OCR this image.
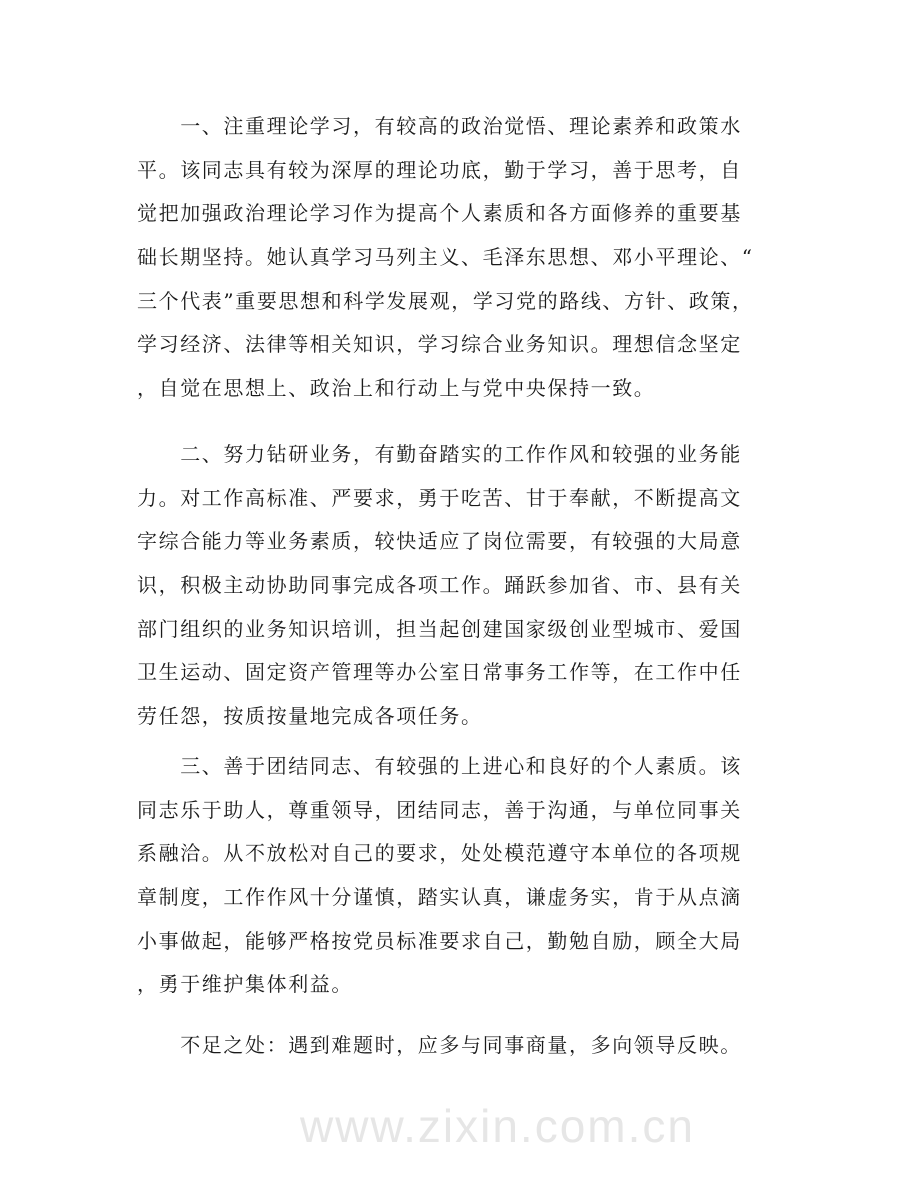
www.zixin.com.cn
　　一、注重理论学习，有较高的政治觉悟、理论素养和政策水
平。该同志具有较为深厚的理论功底，勤于学习，善于思考，自
觉把加强政治理论学习作为提高个人素质和各方面修养的重要基
础长期坚持。她认真学习马列主义、毛泽东思想、邓小平理论、“
三个代表”重要思想和科学发展观，学习党的路线、方针、政策，
学习经济、法律等相关知识，学习综合业务知识。理想信念坚定
，自觉在思想上、政治上和行动上与党中央保持一致。
　　二、努力钻研业务，有勤奋踏实的工作作风和较强的业务能
力。对工作高标准、严要求，勇于吃苦、甘于奉献，不断提高文
字综合能力等业务素质，较快适应了岗位需要，有较强的大局意
识，积极主动协助同事完成各项工作。踊跃参加省、市、县有关
部门组织的业务知识培训，担当起创建国家级创业型城市、爱国
卫生运动、固定资产管理等办公室日常事务工作等，在工作中任
劳任怨，按质按量地完成各项任务。
　　三、善于团结同志、有较强的上进心和良好的个人素质。该
同志乐于助人，尊重领导，团结同志，善于沟通，与单位同事关
系融洽。从不放松对自己的要求，处处模范遵守本单位的各项规
章制度，工作作风十分谨慎，踏实认真，谦虚务实，肯于从点滴
小事做起，能够严格按党员标准要求自己，勤勉自励，顾全大局
，勇于维护集体利益。
　　不足之处：遇到难题时，应多与同事商量，多向领导反映。
